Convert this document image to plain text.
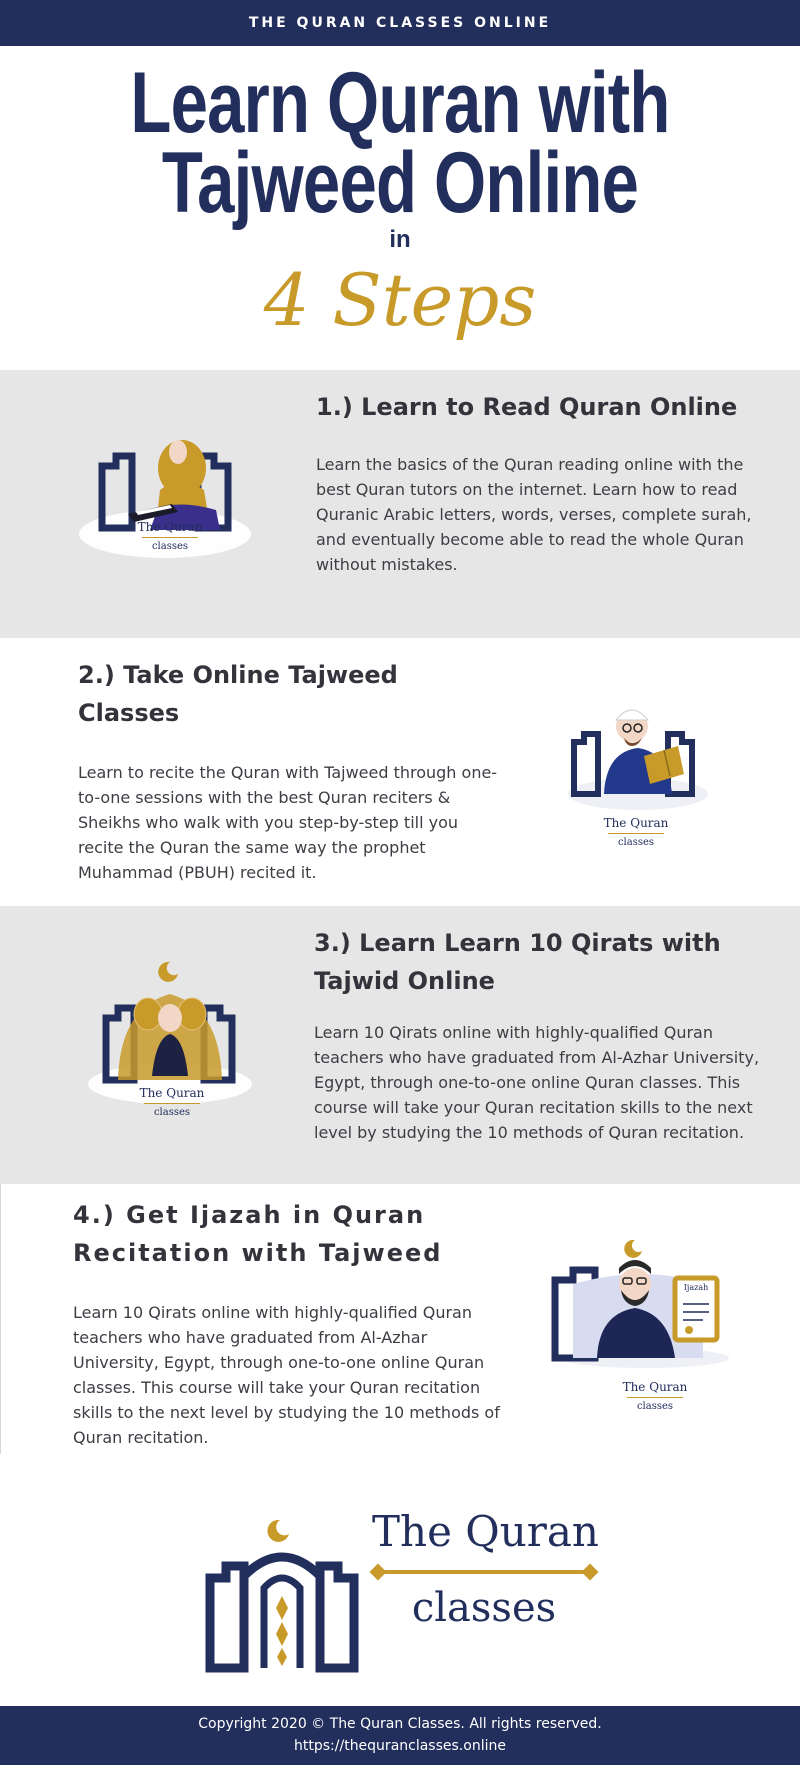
THE QURAN CLASSES ONLINE
Learn Quran with
Tajweed Online
in
4 Steps
The Quran
classes
1.) Learn to Read Quran Online
Learn the basics of the Quran reading online with the best Quran tutors on the internet. Learn how to read Quranic Arabic letters, words, verses, complete surah, and eventually become able to read the whole Quran without mistakes.
2.) Take Online Tajweed Classes
Learn to recite the Quran with Tajweed through one-to-one sessions with the best Quran reciters & Sheikhs who walk with you step-by-step till you recite the Quran the same way the prophet Muhammad (PBUH) recited it.
The Quran
classes
The Quran
classes
3.) Learn Learn 10 Qirats with Tajwid Online
Learn 10 Qirats online with highly-qualified Quran teachers who have graduated from Al-Azhar University, Egypt, through one-to-one online Quran classes. This course will take your Quran recitation skills to the next level by studying the 10 methods of Quran recitation.
4.) Get Ijazah in Quran Recitation with Tajweed
Learn 10 Qirats online with highly-qualified Quran teachers who have graduated from Al-Azhar University, Egypt, through one-to-one online Quran classes. This course will take your Quran recitation skills to the next level by studying the 10 methods of Quran recitation.
Ijazah
The Quran
classes
The Quran
classes
Copyright 2020 © The Quran Classes. All rights reserved.
https://thequranclasses.online
